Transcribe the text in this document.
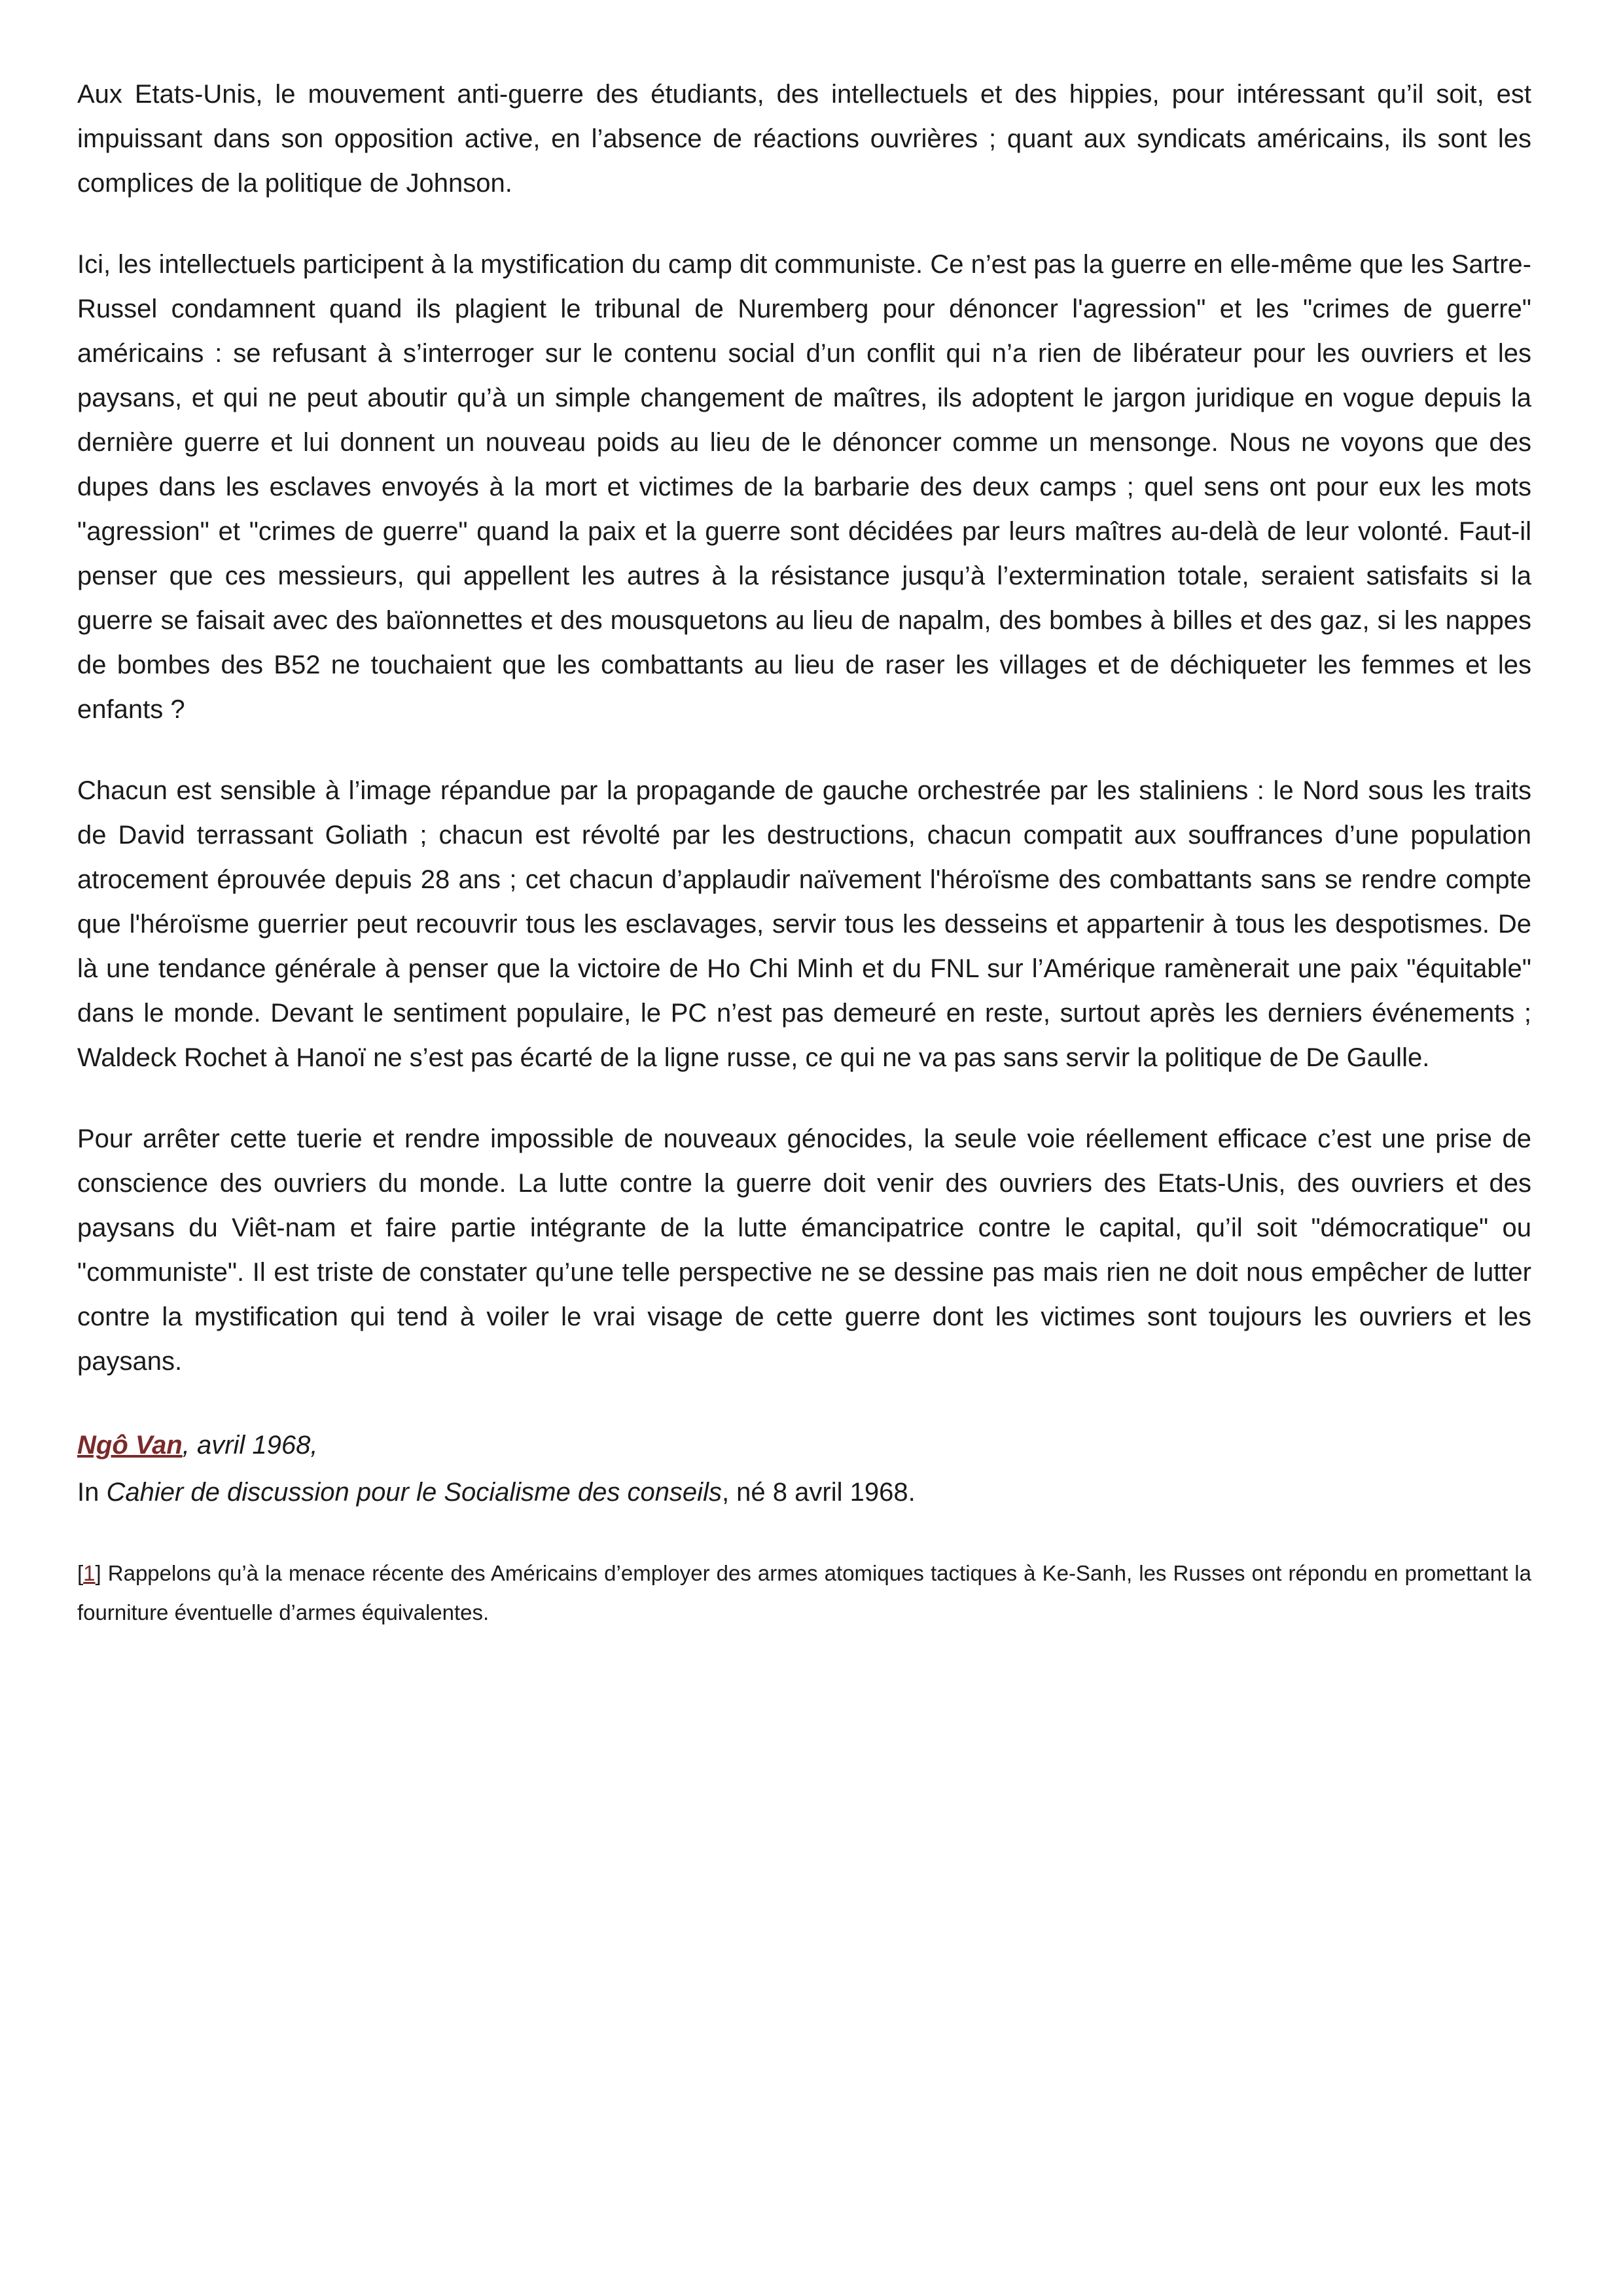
Aux Etats-Unis, le mouvement anti-guerre des étudiants, des intellectuels et des hippies, pour intéressant qu’il soit, est impuissant dans son opposition active, en l’absence de réactions ouvrières ; quant aux syndicats américains, ils sont les complices de la politique de Johnson.

Ici, les intellectuels participent à la mystification du camp dit communiste. Ce n’est pas la guerre en elle-même que les Sartre-Russel condamnent quand ils plagient le tribunal de Nuremberg pour dénoncer l'agression" et les "crimes de guerre" américains : se refusant à s’interroger sur le contenu social d’un conflit qui n’a rien de libérateur pour les ouvriers et les paysans, et qui ne peut aboutir qu’à un simple changement de maîtres, ils adoptent le jargon juridique en vogue depuis la dernière guerre et lui donnent un nouveau poids au lieu de le dénoncer comme un mensonge. Nous ne voyons que des dupes dans les esclaves envoyés à la mort et victimes de la barbarie des deux camps ; quel sens ont pour eux les mots "agression" et "crimes de guerre" quand la paix et la guerre sont décidées par leurs maîtres au-delà de leur volonté. Faut-il penser que ces messieurs, qui appellent les autres à la résistance jusqu’à l’extermination totale, seraient satisfaits si la guerre se faisait avec des baïonnettes et des mousquetons au lieu de napalm, des bombes à billes et des gaz, si les nappes de bombes des B52 ne touchaient que les combattants au lieu de raser les villages et de déchiqueter les femmes et les enfants ?

Chacun est sensible à l’image répandue par la propagande de gauche orchestrée par les staliniens : le Nord sous les traits de David terrassant Goliath ; chacun est révolté par les destructions, chacun compatit aux souffrances d’une population atrocement éprouvée depuis 28 ans ; cet chacun d’applaudir naïvement l'héroïsme des combattants sans se rendre compte que l'héroïsme guerrier peut recouvrir tous les esclavages, servir tous les desseins et appartenir à tous les despotismes. De là une tendance générale à penser que la victoire de Ho Chi Minh et du FNL sur l’Amérique ramènerait une paix "équitable" dans le monde. Devant le sentiment populaire, le PC n’est pas demeuré en reste, surtout après les derniers événements ; Waldeck Rochet à Hanoï ne s’est pas écarté de la ligne russe, ce qui ne va pas sans servir la politique de De Gaulle.

Pour arrêter cette tuerie et rendre impossible de nouveaux génocides, la seule voie réellement efficace c’est une prise de conscience des ouvriers du monde. La lutte contre la guerre doit venir des ouvriers des Etats-Unis, des ouvriers et des paysans du Viêt-nam et faire partie intégrante de la lutte émancipatrice contre le capital, qu’il soit "démocratique" ou "communiste". Il est triste de constater qu’une telle perspective ne se dessine pas mais rien ne doit nous empêcher de lutter contre la mystification qui tend à voiler le vrai visage de cette guerre dont les victimes sont toujours les ouvriers et les paysans.

Ngô Van, avril 1968,
In Cahier de discussion pour le Socialisme des conseils, né 8 avril 1968.

[1] Rappelons qu’à la menace récente des Américains d’employer des armes atomiques tactiques à Ke-Sanh, les Russes ont répondu en promettant la fourniture éventuelle d’armes équivalentes.
